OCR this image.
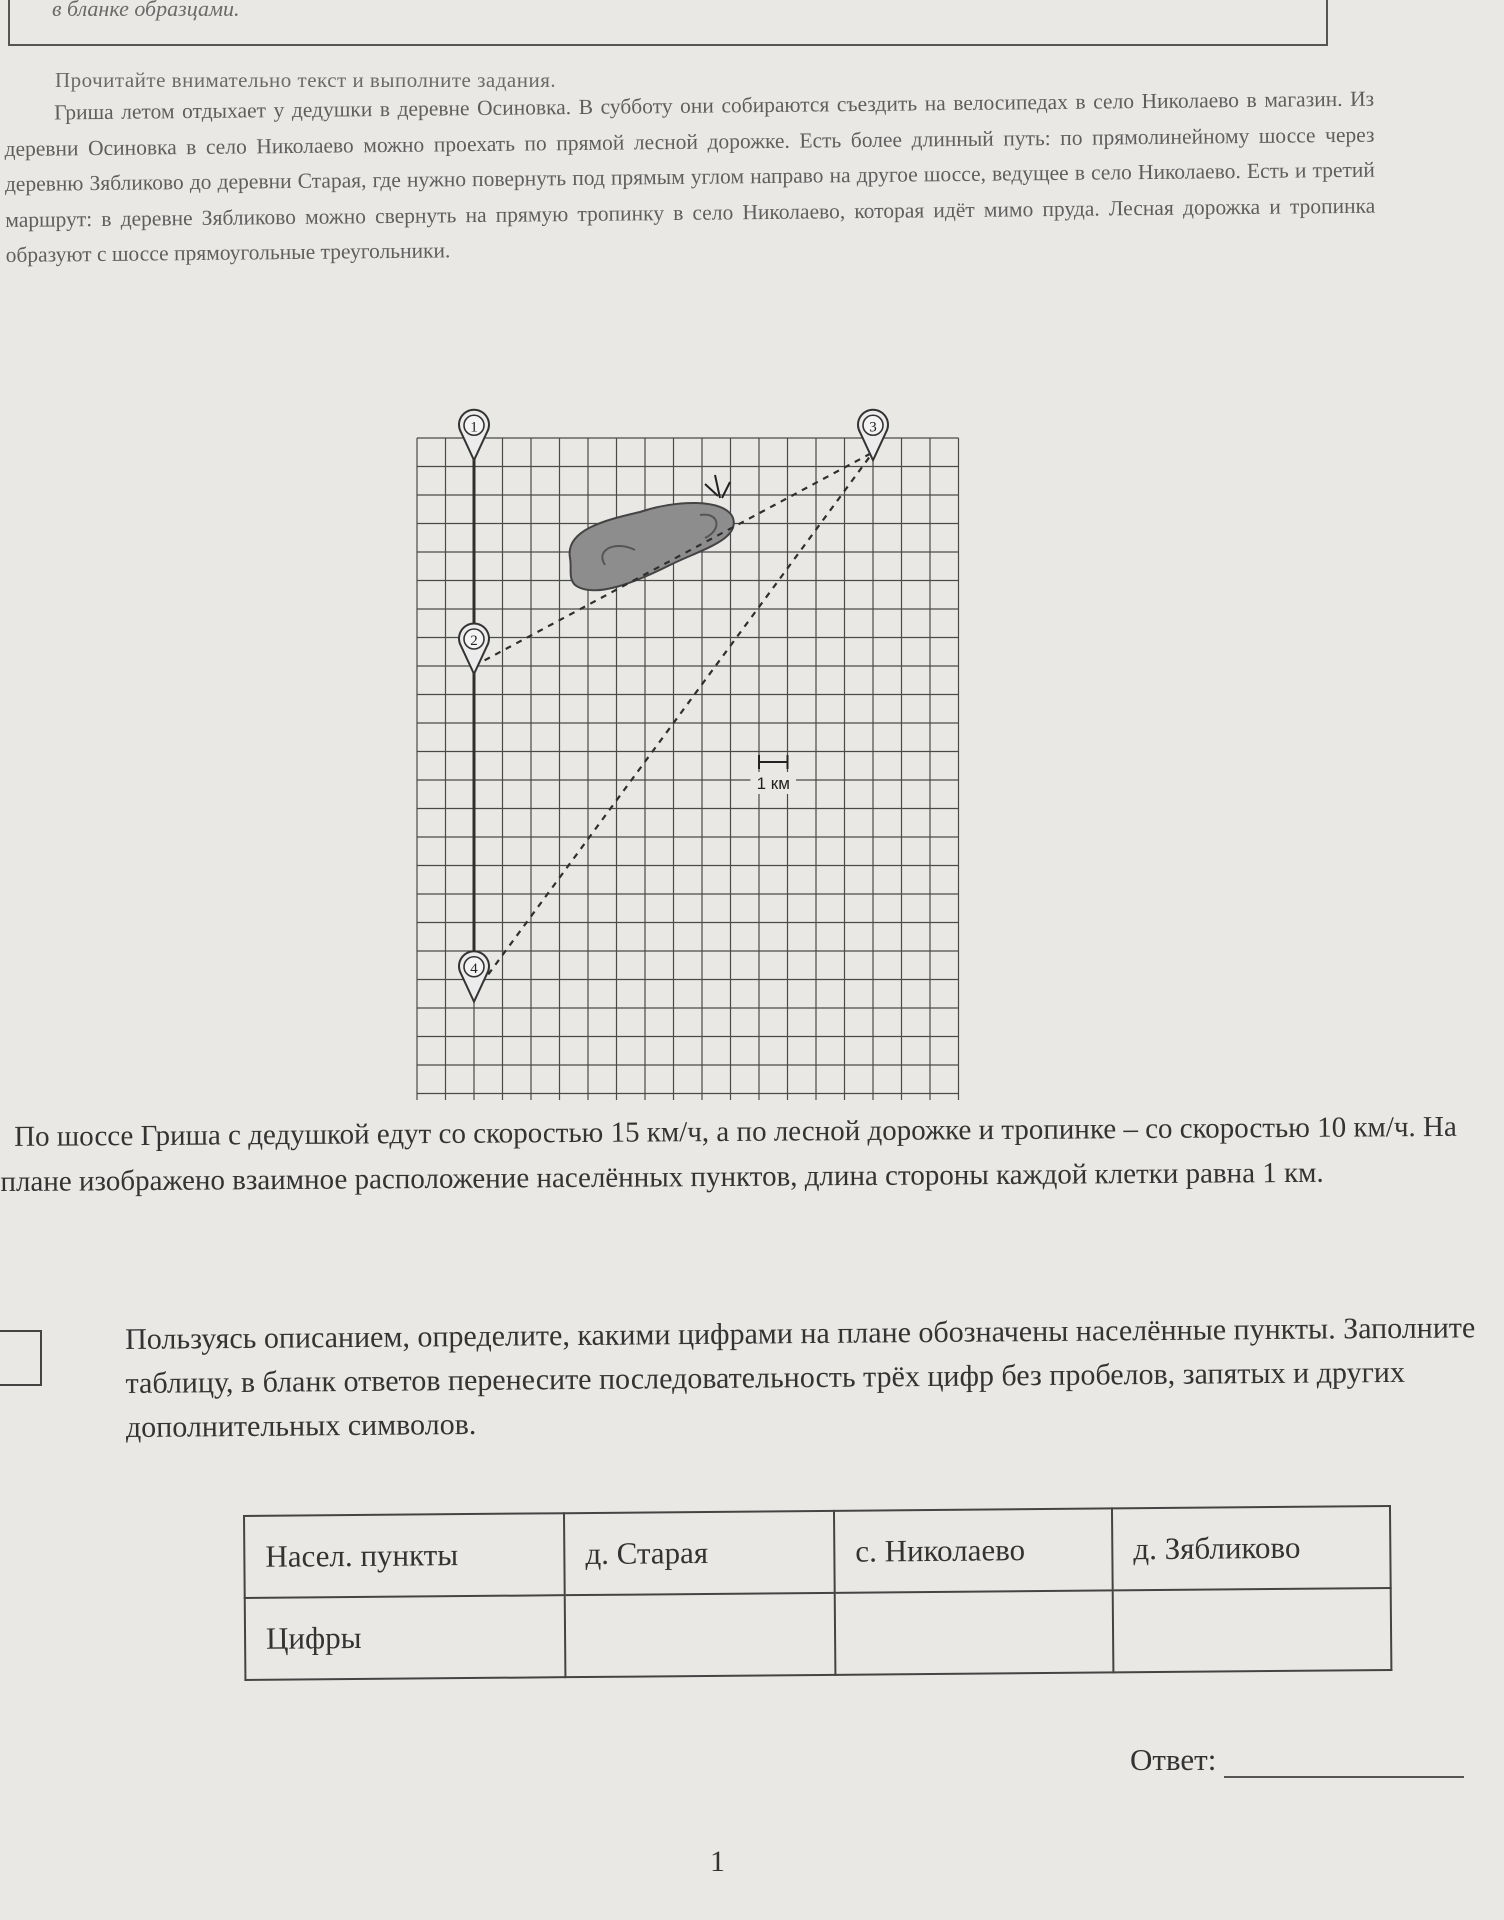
в бланке образцами.
Прочитайте внимательно текст и выполните задания.
Гриша летом отдыхает у дедушки в деревне Осиновка. В субботу они собираются съездить на велосипедах в село Николаево в магазин. Из деревни Осиновка в село Николаево можно проехать по прямой лесной дорожке. Есть более длинный путь: по прямолинейному шоссе через деревню Зябликово до деревни Старая, где нужно повернуть под прямым углом направо на другое шоссе, ведущее в село Николаево. Есть и третий маршрут: в деревне Зябликово можно свернуть на прямую тропинку в село Николаево, которая идёт мимо пруда. Лесная дорожка и тропинка образуют с шоссе прямоугольные треугольники.
1
2
3
4
1 км
По шоссе Гриша с дедушкой едут со скоростью 15 км/ч, а по лесной дорожке и тропинке – со скоростью 10 км/ч. На плане изображено взаимное расположение населённых пунктов, длина стороны каждой клетки равна 1 км.
Пользуясь описанием, определите, какими цифрами на плане обозначены населённые пункты. Заполните таблицу, в бланк ответов перенесите последовательность трёх цифр без пробелов, запятых и других дополнительных символов.
Насел. пункты	д. Старая	с. Николаево	д. Зябликово
Цифры			
Ответ:
1
